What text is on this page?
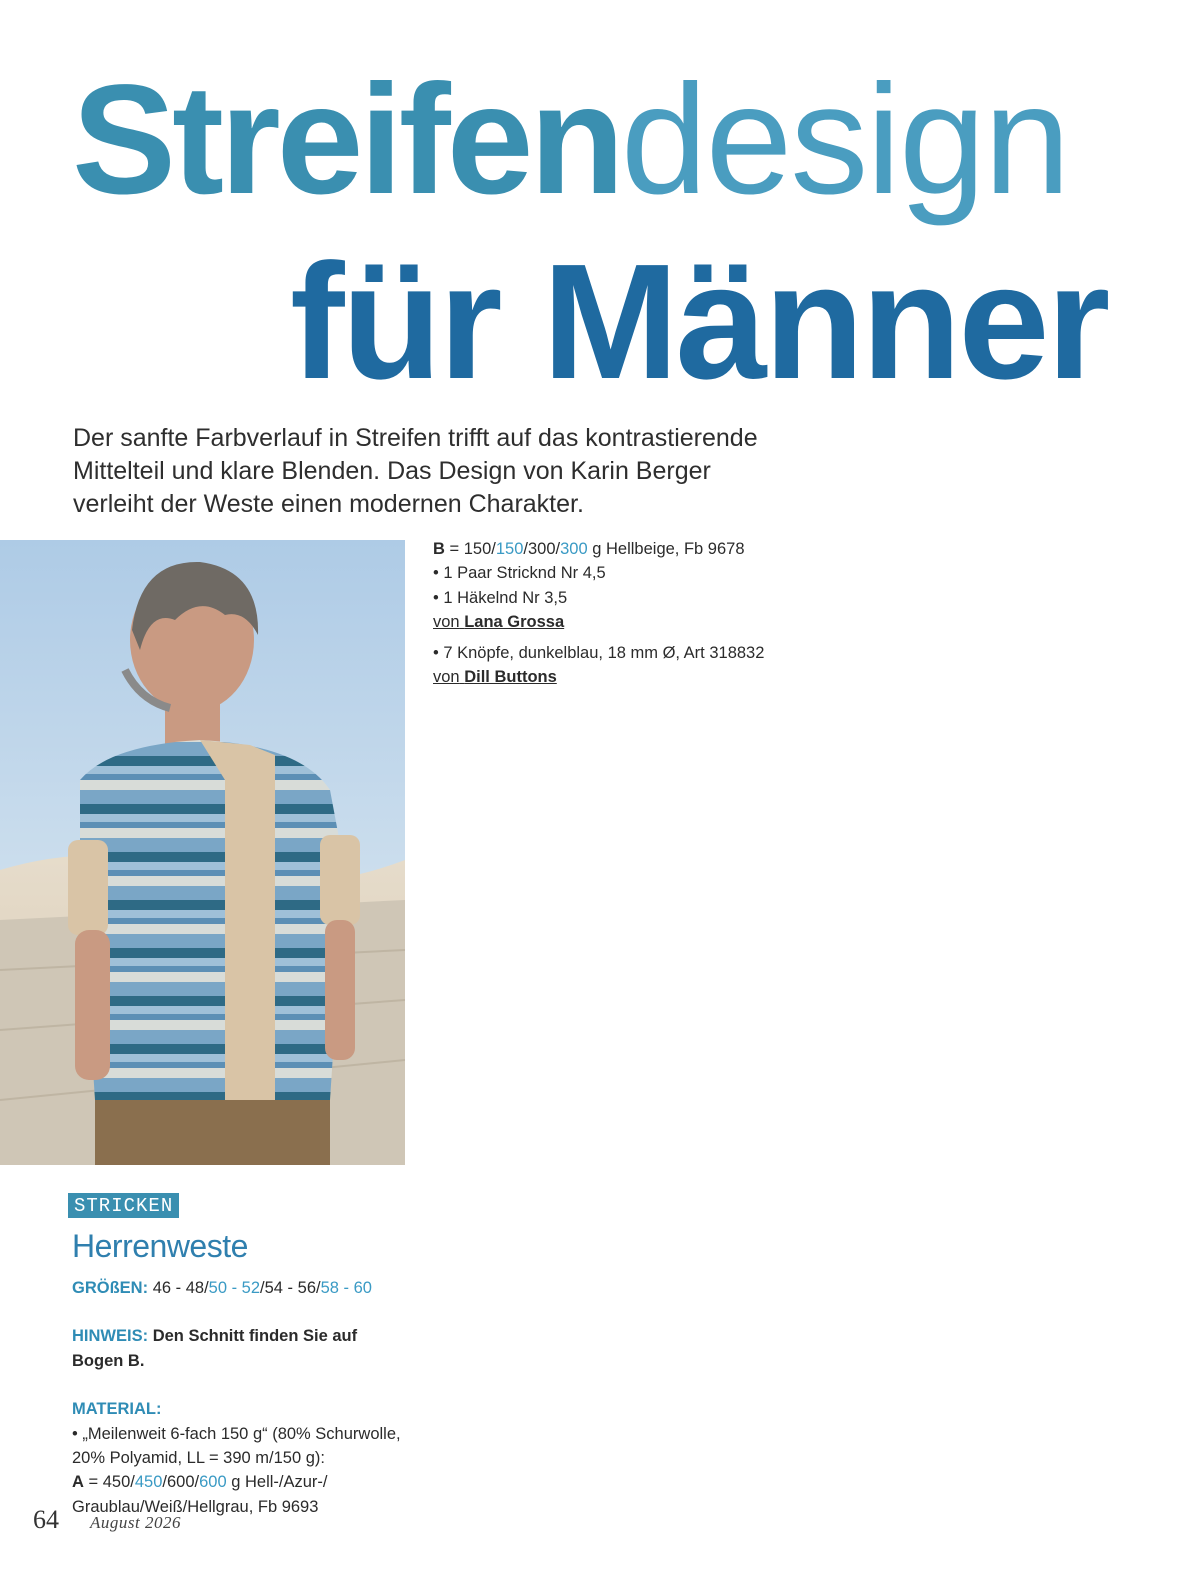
Streifendesign
für Männer
Der sanfte Farbverlauf in Streifen trifft auf das kontrastierende Mittelteil und klare Blenden. Das Design von Karin Berger verleiht der Weste einen modernen Charakter.
STRICKEN
Herrenweste

GRÖßEN: 46 - 48/50 - 52/54 - 56/58 - 60

HINWEIS: Den Schnitt finden Sie auf Bogen B.

MATERIAL:

• „Meilenweit 6-fach 150 g“ (80% Schurwolle, 20% Polyamid, LL = 390 m/150 g):

A = 450/450/600/600 g Hell-/Azur-/ Graublau/Weiß/Hellgrau, Fb 9693

B = 150/150/300/300 g Hellbeige, Fb 9678

• 1 Paar Stricknd Nr 4,5

• 1 Häkelnd Nr 3,5

von Lana Grossa

• 7 Knöpfe, dunkelblau, 18 mm Ø, Art 318832

von Dill Buttons

64 August 2026
